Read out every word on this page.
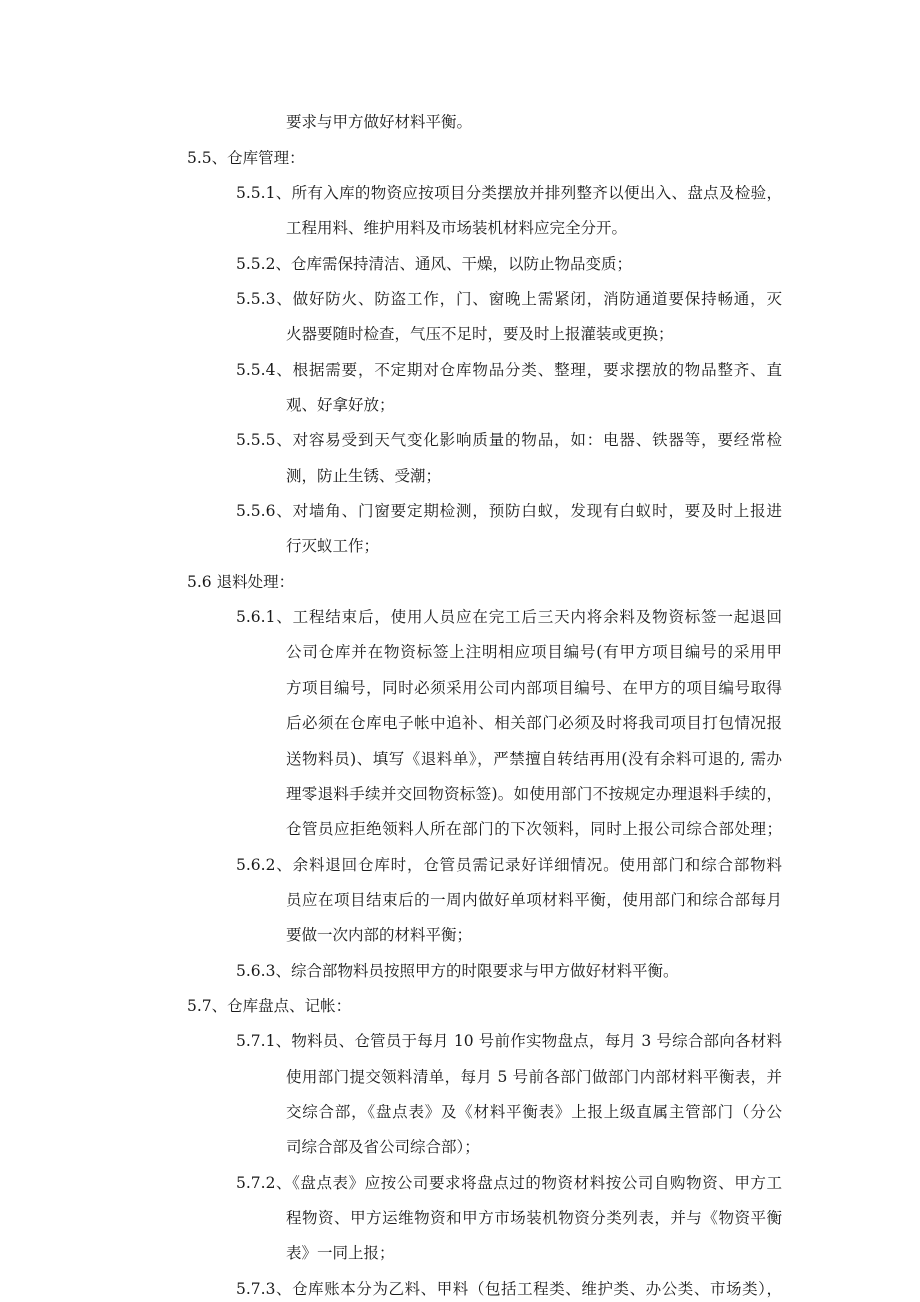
要求与甲方做好材料平衡。
5.5、仓库管理：
5.5.1、所有入库的物资应按项目分类摆放并排列整齐以便出入、盘点及检验，
工程用料、维护用料及市场装机材料应完全分开。
5.5.2、仓库需保持清洁、通风、干燥，以防止物品变质；
5.5.3、做好防火、防盗工作，门、窗晚上需紧闭，消防通道要保持畅通，灭
火器要随时检查，气压不足时，要及时上报灌装或更换；
5.5.4、根据需要，不定期对仓库物品分类、整理，要求摆放的物品整齐、直
观、好拿好放；
5.5.5、对容易受到天气变化影响质量的物品，如：电器、铁器等，要经常检
测，防止生锈、受潮；
5.5.6、对墙角、门窗要定期检测，预防白蚁，发现有白蚁时，要及时上报进
行灭蚁工作；
5.6 退料处理：
5.6.1、工程结束后，使用人员应在完工后三天内将余料及物资标签一起退回
公司仓库并在物资标签上注明相应项目编号(有甲方项目编号的采用甲
方项目编号，同时必须采用公司内部项目编号、在甲方的项目编号取得
后必须在仓库电子帐中追补、相关部门必须及时将我司项目打包情况报
送物料员)、填写《退料单》，严禁擅自转结再用(没有余料可退的, 需办
理零退料手续并交回物资标签)。如使用部门不按规定办理退料手续的，
仓管员应拒绝领料人所在部门的下次领料，同时上报公司综合部处理；
5.6.2、余料退回仓库时，仓管员需记录好详细情况。使用部门和综合部物料
员应在项目结束后的一周内做好单项材料平衡，使用部门和综合部每月
要做一次内部的材料平衡；
5.6.3、综合部物料员按照甲方的时限要求与甲方做好材料平衡。
5.7、仓库盘点、记帐：
5.7.1、物料员、仓管员于每月 10 号前作实物盘点，每月 3 号综合部向各材料
使用部门提交领料清单，每月 5 号前各部门做部门内部材料平衡表，并
交综合部，《盘点表》及《材料平衡表》上报上级直属主管部门（分公
司综合部及省公司综合部）；
5.7.2、《盘点表》应按公司要求将盘点过的物资材料按公司自购物资、甲方工
程物资、甲方运维物资和甲方市场装机物资分类列表，并与《物资平衡
表》一同上报；
5.7.3、仓库账本分为乙料、甲料（包括工程类、维护类、办公类、市场类），
